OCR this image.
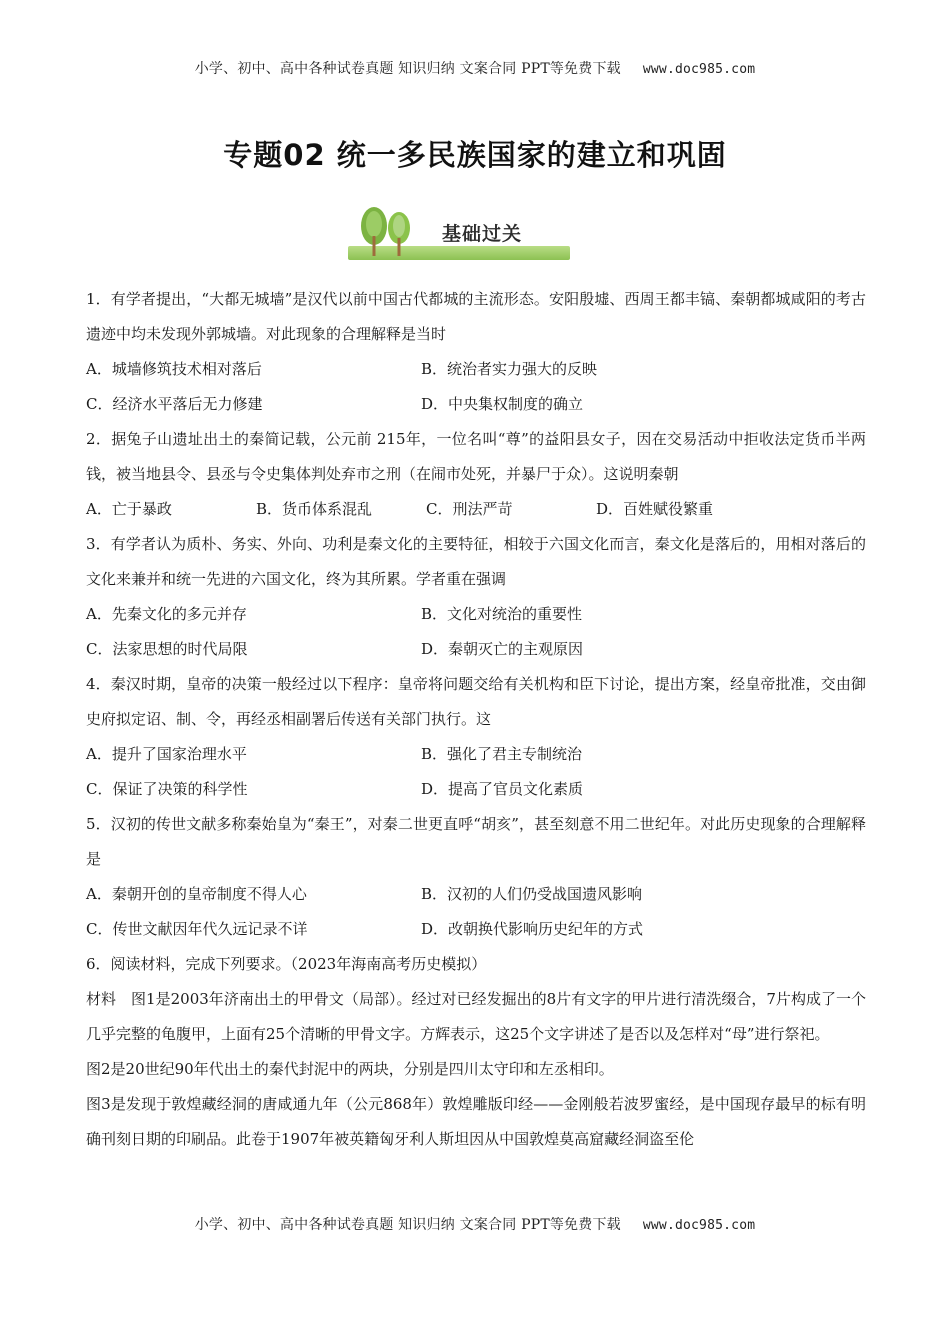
小学、初中、高中各种试卷真题 知识归纳 文案合同 PPT等免费下载 www.doc985.com
专题02 统一多民族国家的建立和巩固
基础过关
1．有学者提出，“大都无城墙”是汉代以前中国古代都城的主流形态。安阳殷墟、西周王都丰镐、秦朝都城咸阳的考古遗迹中均未发现外郭城墙。对此现象的合理解释是当时
A．城墙修筑技术相对落后	B．统治者实力强大的反映
C．经济水平落后无力修建	D．中央集权制度的确立
2．据兔子山遗址出土的秦简记载，公元前 215年，一位名叫“尊”的益阳县女子，因在交易活动中拒收法定货币半两钱，被当地县令、县丞与令史集体判处弃市之刑（在闹市处死，并暴尸于众）。这说明秦朝
A．亡于暴政	B．货币体系混乱	C．刑法严苛	D．百姓赋役繁重
3．有学者认为质朴、务实、外向、功利是秦文化的主要特征，相较于六国文化而言，秦文化是落后的，用相对落后的文化来兼并和统一先进的六国文化，终为其所累。学者重在强调
A．先秦文化的多元并存	B．文化对统治的重要性
C．法家思想的时代局限	D．秦朝灭亡的主观原因
4．秦汉时期，皇帝的决策一般经过以下程序：皇帝将问题交给有关机构和臣下讨论，提出方案，经皇帝批准，交由御史府拟定诏、制、令，再经丞相副署后传送有关部门执行。这
A．提升了国家治理水平	B．强化了君主专制统治
C．保证了决策的科学性	D．提高了官员文化素质
5．汉初的传世文献多称秦始皇为“秦王”，对秦二世更直呼“胡亥”，甚至刻意不用二世纪年。对此历史现象的合理解释是
A．秦朝开创的皇帝制度不得人心	B．汉初的人们仍受战国遗风影响
C．传世文献因年代久远记录不详	D．改朝换代影响历史纪年的方式
6．阅读材料，完成下列要求。（2023年海南高考历史模拟）
材料　图1是2003年济南出土的甲骨文（局部）。经过对已经发掘出的8片有文字的甲片进行清洗缀合，7片构成了一个几乎完整的龟腹甲，上面有25个清晰的甲骨文字。方辉表示，这25个文字讲述了是否以及怎样对“母”进行祭祀。
图2是20世纪90年代出土的秦代封泥中的两块，分别是四川太守印和左丞相印。
图3是发现于敦煌藏经洞的唐咸通九年（公元868年）敦煌雕版印经——金刚般若波罗蜜经，是中国现存最早的标有明确刊刻日期的印刷品。此卷于1907年被英籍匈牙利人斯坦因从中国敦煌莫高窟藏经洞盗至伦
小学、初中、高中各种试卷真题 知识归纳 文案合同 PPT等免费下载 www.doc985.com
